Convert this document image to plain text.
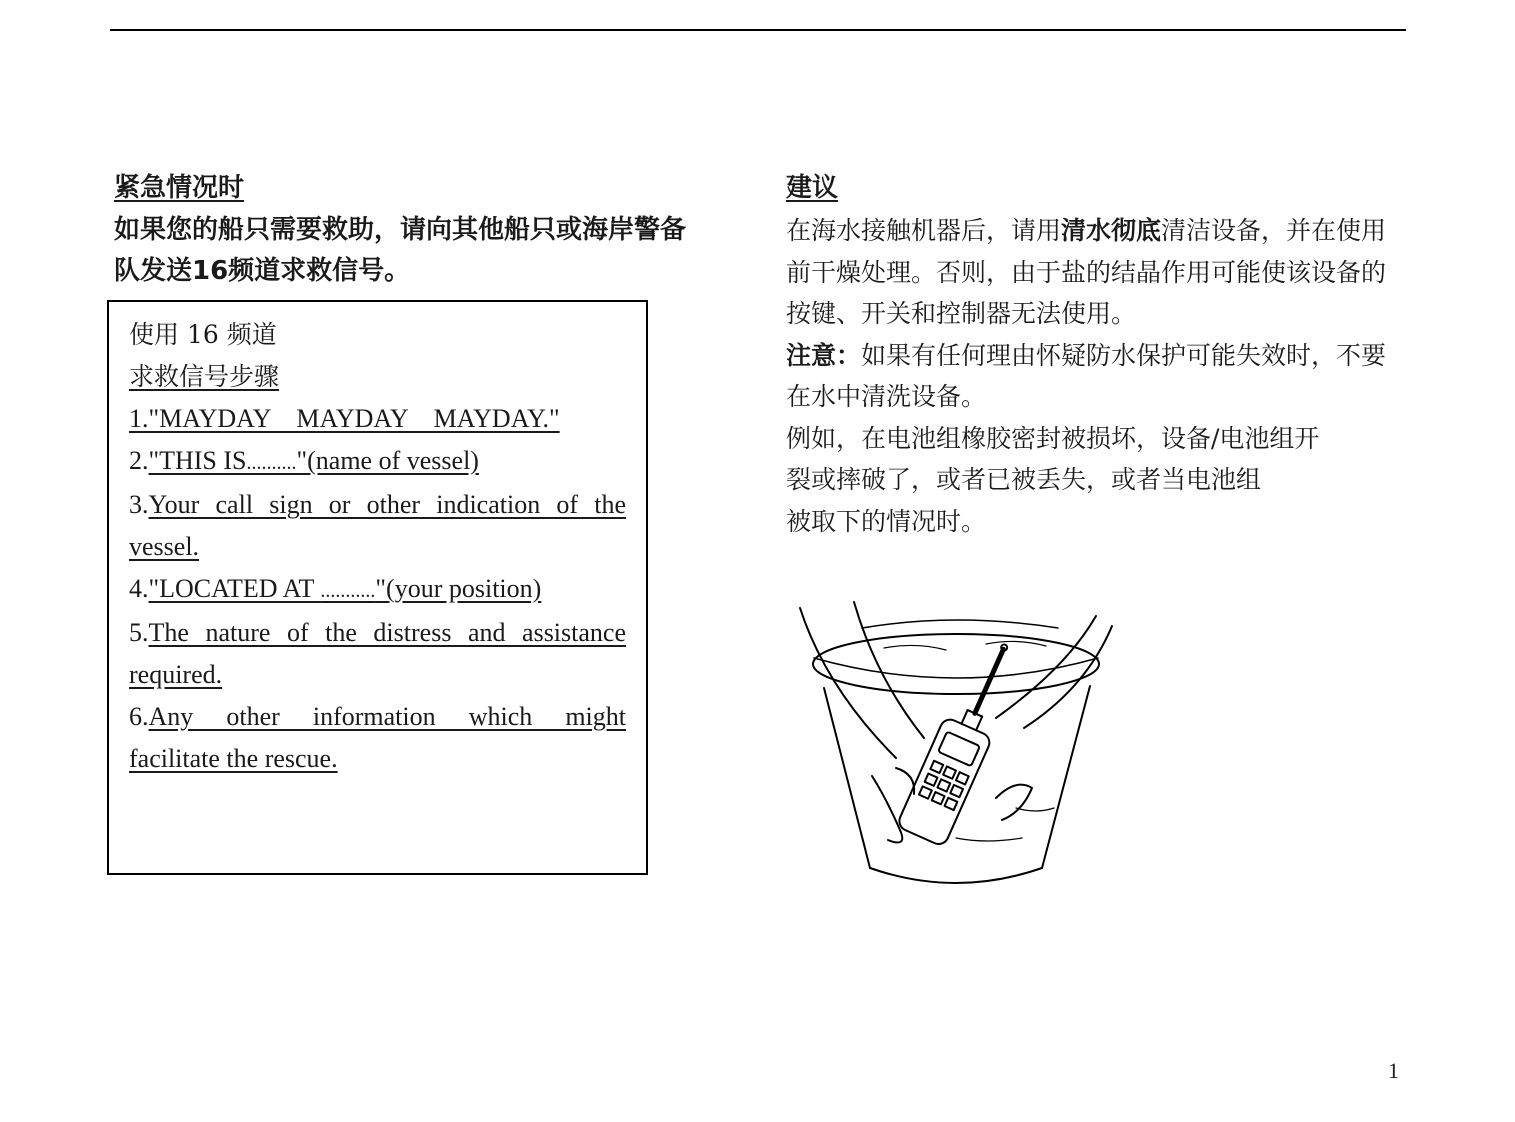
紧急情况时

如果您的船只需要救助，请向其他船只或海岸警备
队发送16频道求救信号。

使用 16 频道

求救信号步骤

1."MAYDAY    MAYDAY    MAYDAY."

2."THIS IS.........."(name of vessel)

3.Your call sign or other indication of the

vessel.

4."LOCATED AT ..........."(your position)

5.The nature of the distress and assistance

required.

6.Any other information which might

facilitate the rescue.

建议

在海水接触机器后，请用清水彻底清洁设备，并在使用前干燥处理。否则，由于盐的结晶作用可能使该设备的按键、开关和控制器无法使用。

注意：如果有任何理由怀疑防水保护可能失效时，不要在水中清洗设备。

例如，在电池组橡胶密封被损坏，设备/电池组开
裂或摔破了，或者已被丢失，或者当电池组
被取下的情况时。

1
